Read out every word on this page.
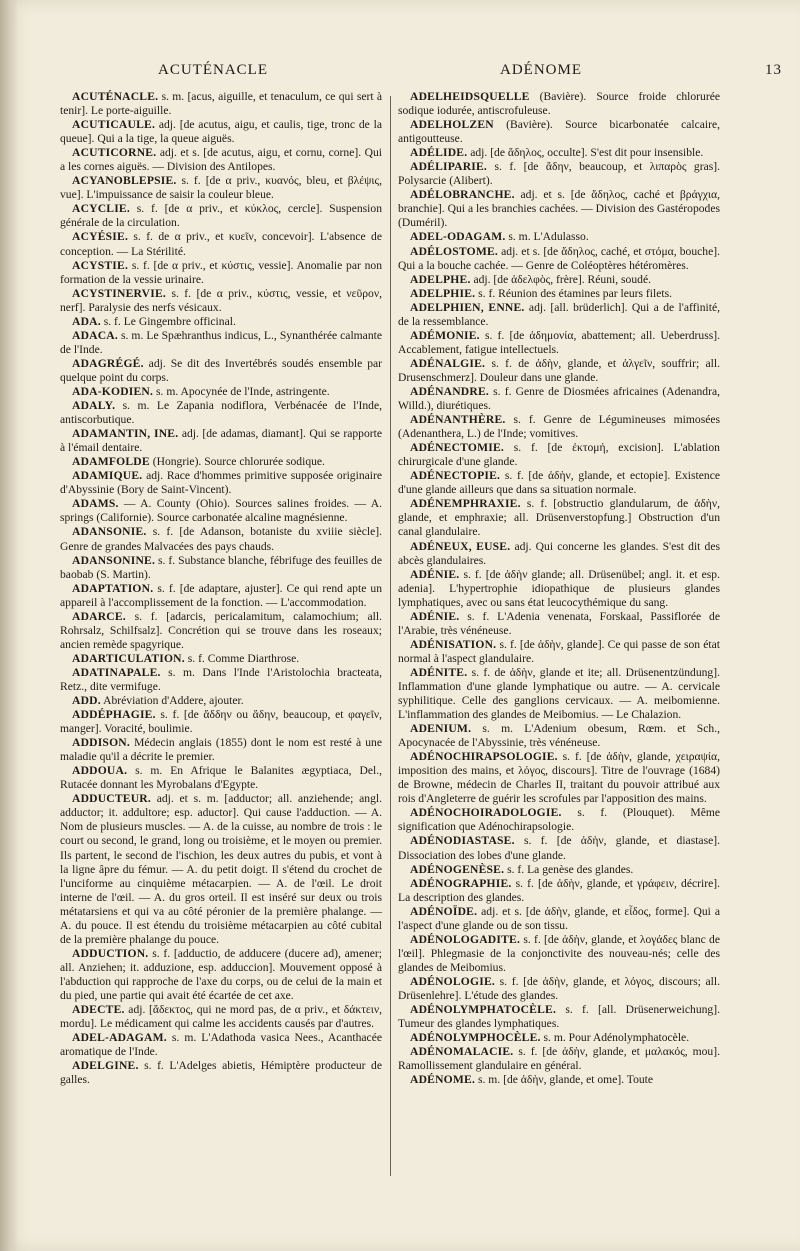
ACUTÉNACLE	ADÉNOME	13

ACUTÉNACLE. s. m. [acus, aiguille, et tenaculum, ce qui sert à tenir]. Le porte-aiguille.

ACUTICAULE. adj. [de acutus, aigu, et caulis, tige, tronc de la queue]. Qui a la tige, la queue aiguës.

ACUTICORNE. adj. et s. [de acutus, aigu, et cornu, corne]. Qui a les cornes aiguës. — Division des Antilopes.

ACYANOBLEPSIE. s. f. [de α priv., κυανός, bleu, et βλέψις, vue]. L'impuissance de saisir la couleur bleue.

ACYCLIE. s. f. [de α priv., et κύκλος, cercle]. Suspension générale de la circulation.

ACYÉSIE. s. f. de α priv., et κυεῖν, concevoir]. L'absence de conception. — La Stérilité.

ACYSTIE. s. f. [de α priv., et κύστις, vessie]. Anomalie par non formation de la vessie urinaire.

ACYSTINERVIE. s. f. [de α priv., κύστις, vessie, et νεῦρον, nerf]. Paralysie des nerfs vésicaux.

ADA. s. f. Le Gingembre officinal.

ADACA. s. m. Le Spæhranthus indicus, L., Synanthérée calmante de l'Inde.

ADAGRÉGÉ. adj. Se dit des Invertébrés soudés ensemble par quelque point du corps.

ADA-KODIEN. s. m. Apocynée de l'Inde, astringente.

ADALY. s. m. Le Zapania nodiflora, Verbénacée de l'Inde, antiscorbutique.

ADAMANTIN, INE. adj. [de adamas, diamant]. Qui se rapporte à l'émail dentaire.

ADAMFOLDE (Hongrie). Source chlorurée sodique.

ADAMIQUE. adj. Race d'hommes primitive supposée originaire d'Abyssinie (Bory de Saint-Vincent).

ADAMS. — A. County (Ohio). Sources salines froides. — A. springs (Californie). Source carbonatée alcaline magnésienne.

ADANSONIE. s. f. [de Adanson, botaniste du xviiie siècle]. Genre de grandes Malvacées des pays chauds.

ADANSONINE. s. f. Substance blanche, fébrifuge des feuilles de baobab (S. Martin).

ADAPTATION. s. f. [de adaptare, ajuster]. Ce qui rend apte un appareil à l'accomplissement de la fonction. — L'accommodation.

ADARCE. s. f. [adarcis, pericalamitum, calamochium; all. Rohrsalz, Schilfsalz]. Concrétion qui se trouve dans les roseaux; ancien remède spagyrique.

ADARTICULATION. s. f. Comme Diarthrose.

ADATINAPALE. s. m. Dans l'Inde l'Aristolochia bracteata, Retz., dite vermifuge.

ADD. Abréviation d'Addere, ajouter.

ADDÉPHAGIE. s. f. [de ἄδδην ou ἄδην, beaucoup, et φαγεῖν, manger]. Voracité, boulimie.

ADDISON. Médecin anglais (1855) dont le nom est resté à une maladie qu'il a décrite le premier.

ADDOUA. s. m. En Afrique le Balanites ægyptiaca, Del., Rutacée donnant les Myrobalans d'Egypte.

ADDUCTEUR. adj. et s. m. [adductor; all. anziehende; angl. adductor; it. addultore; esp. aductor]. Qui cause l'adduction. — A. Nom de plusieurs muscles. — A. de la cuisse, au nombre de trois : le court ou second, le grand, long ou troisième, et le moyen ou premier. Ils partent, le second de l'ischion, les deux autres du pubis, et vont à la ligne âpre du fémur. — A. du petit doigt. Il s'étend du crochet de l'unciforme au cinquième métacarpien. — A. de l'œil. Le droit interne de l'œil. — A. du gros orteil. Il est inséré sur deux ou trois métatarsiens et qui va au côté péronier de la première phalange. — A. du pouce. Il est étendu du troisième métacarpien au côté cubital de la première phalange du pouce.

ADDUCTION. s. f. [adductio, de adducere (ducere ad), amener; all. Anziehen; it. adduzione, esp. adduccion]. Mouvement opposé à l'abduction qui rapproche de l'axe du corps, ou de celui de la main et du pied, une partie qui avait été écartée de cet axe.

ADECTE. adj. [ἄδεκτος, qui ne mord pas, de α priv., et δάκτειν, mordu]. Le médicament qui calme les accidents causés par d'autres.

ADEL-ADAGAM. s. m. L'Adathoda vasica Nees., Acanthacée aromatique de l'Inde.

ADELGINE. s. f. L'Adelges abietis, Hémiptère producteur de galles.

ADELHEIDSQUELLE (Bavière). Source froide chlorurée sodique iodurée, antiscrofuleuse.

ADELHOLZEN (Bavière). Source bicarbonatée calcaire, antigoutteuse.

ADÉLIDE. adj. [de ἄδηλος, occulte]. S'est dit pour insensible.

ADÉLIPARIE. s. f. [de ἄδην, beaucoup, et λιπαρὸς gras]. Polysarcie (Alibert).

ADÉLOBRANCHE. adj. et s. [de ἄδηλος, caché et βράγχια, branchie]. Qui a les branchies cachées. — Division des Gastéropodes (Duméril).

ADEL-ODAGAM. s. m. L'Adulasso.

ADÉLOSTOME. adj. et s. [de ἄδηλος, caché, et στόμα, bouche]. Qui a la bouche cachée. — Genre de Coléoptères hétéromères.

ADELPHE. adj. [de ἀδελφὸς, frère]. Réuni, soudé.

ADELPHIE. s. f. Réunion des étamines par leurs filets.

ADELPHIEN, ENNE. adj. [all. brüderlich]. Qui a de l'affinité, de la ressemblance.

ADÉMONIE. s. f. [de ἀδημονία, abattement; all. Ueberdruss]. Accablement, fatigue intellectuels.

ADÉNALGIE. s. f. de ἀδὴν, glande, et ἀλγεῖν, souffrir; all. Drusenschmerz]. Douleur dans une glande.

ADÉNANDRE. s. f. Genre de Diosmées africaines (Adenandra, Willd.), diurétiques.

ADÉNANTHÈRE. s. f. Genre de Légumineuses mimosées (Adenanthera, L.) de l'Inde; vomitives.

ADÉNECTOMIE. s. f. [de ἐκτομή, excision]. L'ablation chirurgicale d'une glande.

ADÉNECTOPIE. s. f. [de ἀδὴν, glande, et ectopie]. Existence d'une glande ailleurs que dans sa situation normale.

ADÉNEMPHRAXIE. s. f. [obstructio glandularum, de ἀδὴν, glande, et emphraxie; all. Drüsenverstopfung.] Obstruction d'un canal glandulaire.

ADÉNEUX, EUSE. adj. Qui concerne les glandes. S'est dit des abcès glandulaires.

ADÉNIE. s. f. [de ἀδὴν glande; all. Drüsenübel; angl. it. et esp. adenia]. L'hypertrophie idiopathique de plusieurs glandes lymphatiques, avec ou sans état leucocythémique du sang.

ADÉNIE. s. f. L'Adenia venenata, Forskaal, Passiflorée de l'Arabie, très vénéneuse.

ADÉNISATION. s. f. [de ἀδὴν, glande]. Ce qui passe de son état normal à l'aspect glandulaire.

ADÉNITE. s. f. de ἀδὴν, glande et ite; all. Drüsenentzündung]. Inflammation d'une glande lymphatique ou autre. — A. cervicale syphilitique. Celle des ganglions cervicaux. — A. meibomienne. L'inflammation des glandes de Meibomius. — Le Chalazion.

ADENIUM. s. m. L'Adenium obesum, Rœm. et Sch., Apocynacée de l'Abyssinie, très vénéneuse.

ADÉNOCHIRAPSOLOGIE. s. f. [de ἀδὴν, glande, χειραψία, imposition des mains, et λόγος, discours]. Titre de l'ouvrage (1684) de Browne, médecin de Charles II, traitant du pouvoir attribué aux rois d'Angleterre de guérir les scrofules par l'apposition des mains.

ADÉNOCHOIRADOLOGIE. s. f. (Plouquet). Même signification que Adénochirapsologie.

ADÉNODIASTASE. s. f. [de ἀδὴν, glande, et diastase]. Dissociation des lobes d'une glande.

ADÉNOGENÈSE. s. f. La genèse des glandes.

ADÉNOGRAPHIE. s. f. [de ἀδὴν, glande, et γράφειν, décrire]. La description des glandes.

ADÉNOÏDE. adj. et s. [de ἀδὴν, glande, et εἶδος, forme]. Qui a l'aspect d'une glande ou de son tissu.

ADÉNOLOGADITE. s. f. [de ἀδὴν, glande, et λογάδες blanc de l'œil]. Phlegmasie de la conjonctivite des nouveau-nés; celle des glandes de Meibomius.

ADÉNOLOGIE. s. f. [de ἀδὴν, glande, et λόγος, discours; all. Drüsenlehre]. L'étude des glandes.

ADÉNOLYMPHATOCÈLE. s. f. [all. Drüsenerweichung]. Tumeur des glandes lymphatiques.

ADÉNOLYMPHOCÈLE. s. m. Pour Adénolymphatocèle.

ADÉNOMALACIE. s. f. [de ἀδὴν, glande, et μαλακός, mou]. Ramollissement glandulaire en général.

ADÉNOME. s. m. [de ἀδὴν, glande, et ome]. Toute
